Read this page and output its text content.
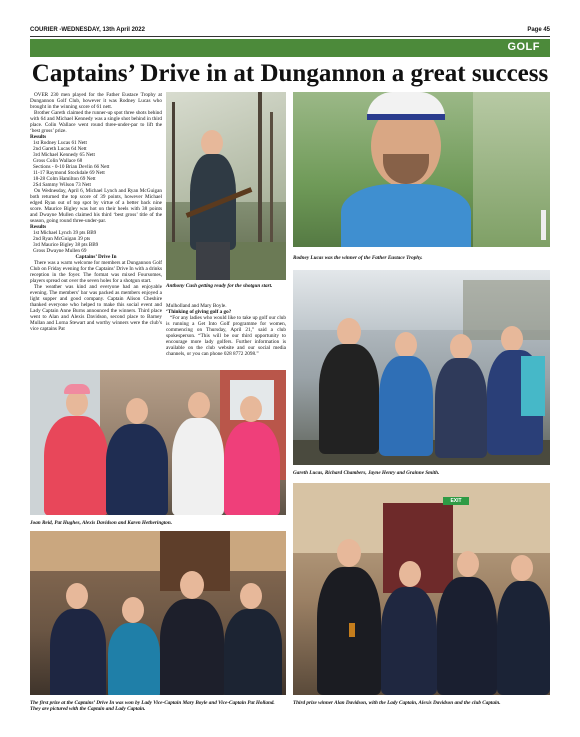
COURIER -WEDNESDAY, 13th April 2022	Page 45
GOLF
Captains’ Drive in at Dungannon a great success

OVER 230 men played for the Father Eustace Trophy at Dungannon Golf Club, however it was Rodney Lucas who brought in the winning score of 61 nett.

Brother Gareth claimed the runner-up spot three shots behind with 64 and Michael Kennedy was a single shot behind in third place. Colin Wallace went round three-under-par to lift the ‘best gross’ prize.

Results

1st Rodney Lucas 61 Nett

2nd Gareth Lucas 64 Nett

3rd Michael Kennedy 65 Nett

Gross Colin Wallace 68

Sections - 0-10 Brian Devlin 66 Nett

11-17 Raymond Stockdale 69 Nett

18-28 Colm Hamilton 69 Nett

2S4 Sammy Wilson 73 Nett

On Wednesday, April 6, Michael Lynch and Ryan McGuigan both returned the top score of 39 points, however Michael edged Ryan out of top spot by virtue of a better back nine score. Maurice Bigley was hot on their heels with 38 points and Dwayne Mullen claimed his third ‘best gross’ title of the season, going round three-under-par.

Results

1st Michael Lynch 39 pts BB9

2nd Ryan McGuigan 39 pts

3rd Maurice Bigley 38 pts BB9

Gross Dwayne Mullen 69

Captains’ Drive In

There was a warm welcome for members at Dungannon Golf Club on Friday evening for the Captains’ Drive In with a drinks reception in the foyer. The format was mixed Foursomes, players spread out over the seven holes for a shotgun start.

The weather was kind and everyone had an enjoyable evening. The members’ bar was packed as members enjoyed a light supper and good company. Captain Alison Cheshire thanked everyone who helped to make this social event and Lady Captain Anne Burns announced the winners. Third place went to Alan and Alexis Davidson, second place to Barney Mullan and Lorna Stewart and worthy winners were the club’s vice captains Pat

Mulholland and Mary Boyle.

‘Thinking of giving golf a go?

“For any ladies who would like to take up golf our club is running a Get Into Golf programme for women, commencing on Thursday, April 21,” said a club spokesperson. “This will be our third opportunity to encourage more lady golfers. Further information is available on the club website and our social media channels, or you can phone 028 8772 2098.”

Anthony Cush getting ready for the shotgun start.
Rodney Lucas was the winner of the Father Eustace Trophy.
Gareth Lucas, Richard Chambers, Jayne Henry and Grainne Smith.
Joan Reid, Pat Hughes, Alexis Davidson and Karen Hetherington.
The first prize at the Captains’ Drive In was won by Lady Vice-Captain Mary Boyle and Vice-Captain Pat Holland. They are pictured with the Captain and Lady Captain.
EXIT
Third prize winner Alan Davidson, with the Lady Captain, Alexis Davidson and the club Captain.
